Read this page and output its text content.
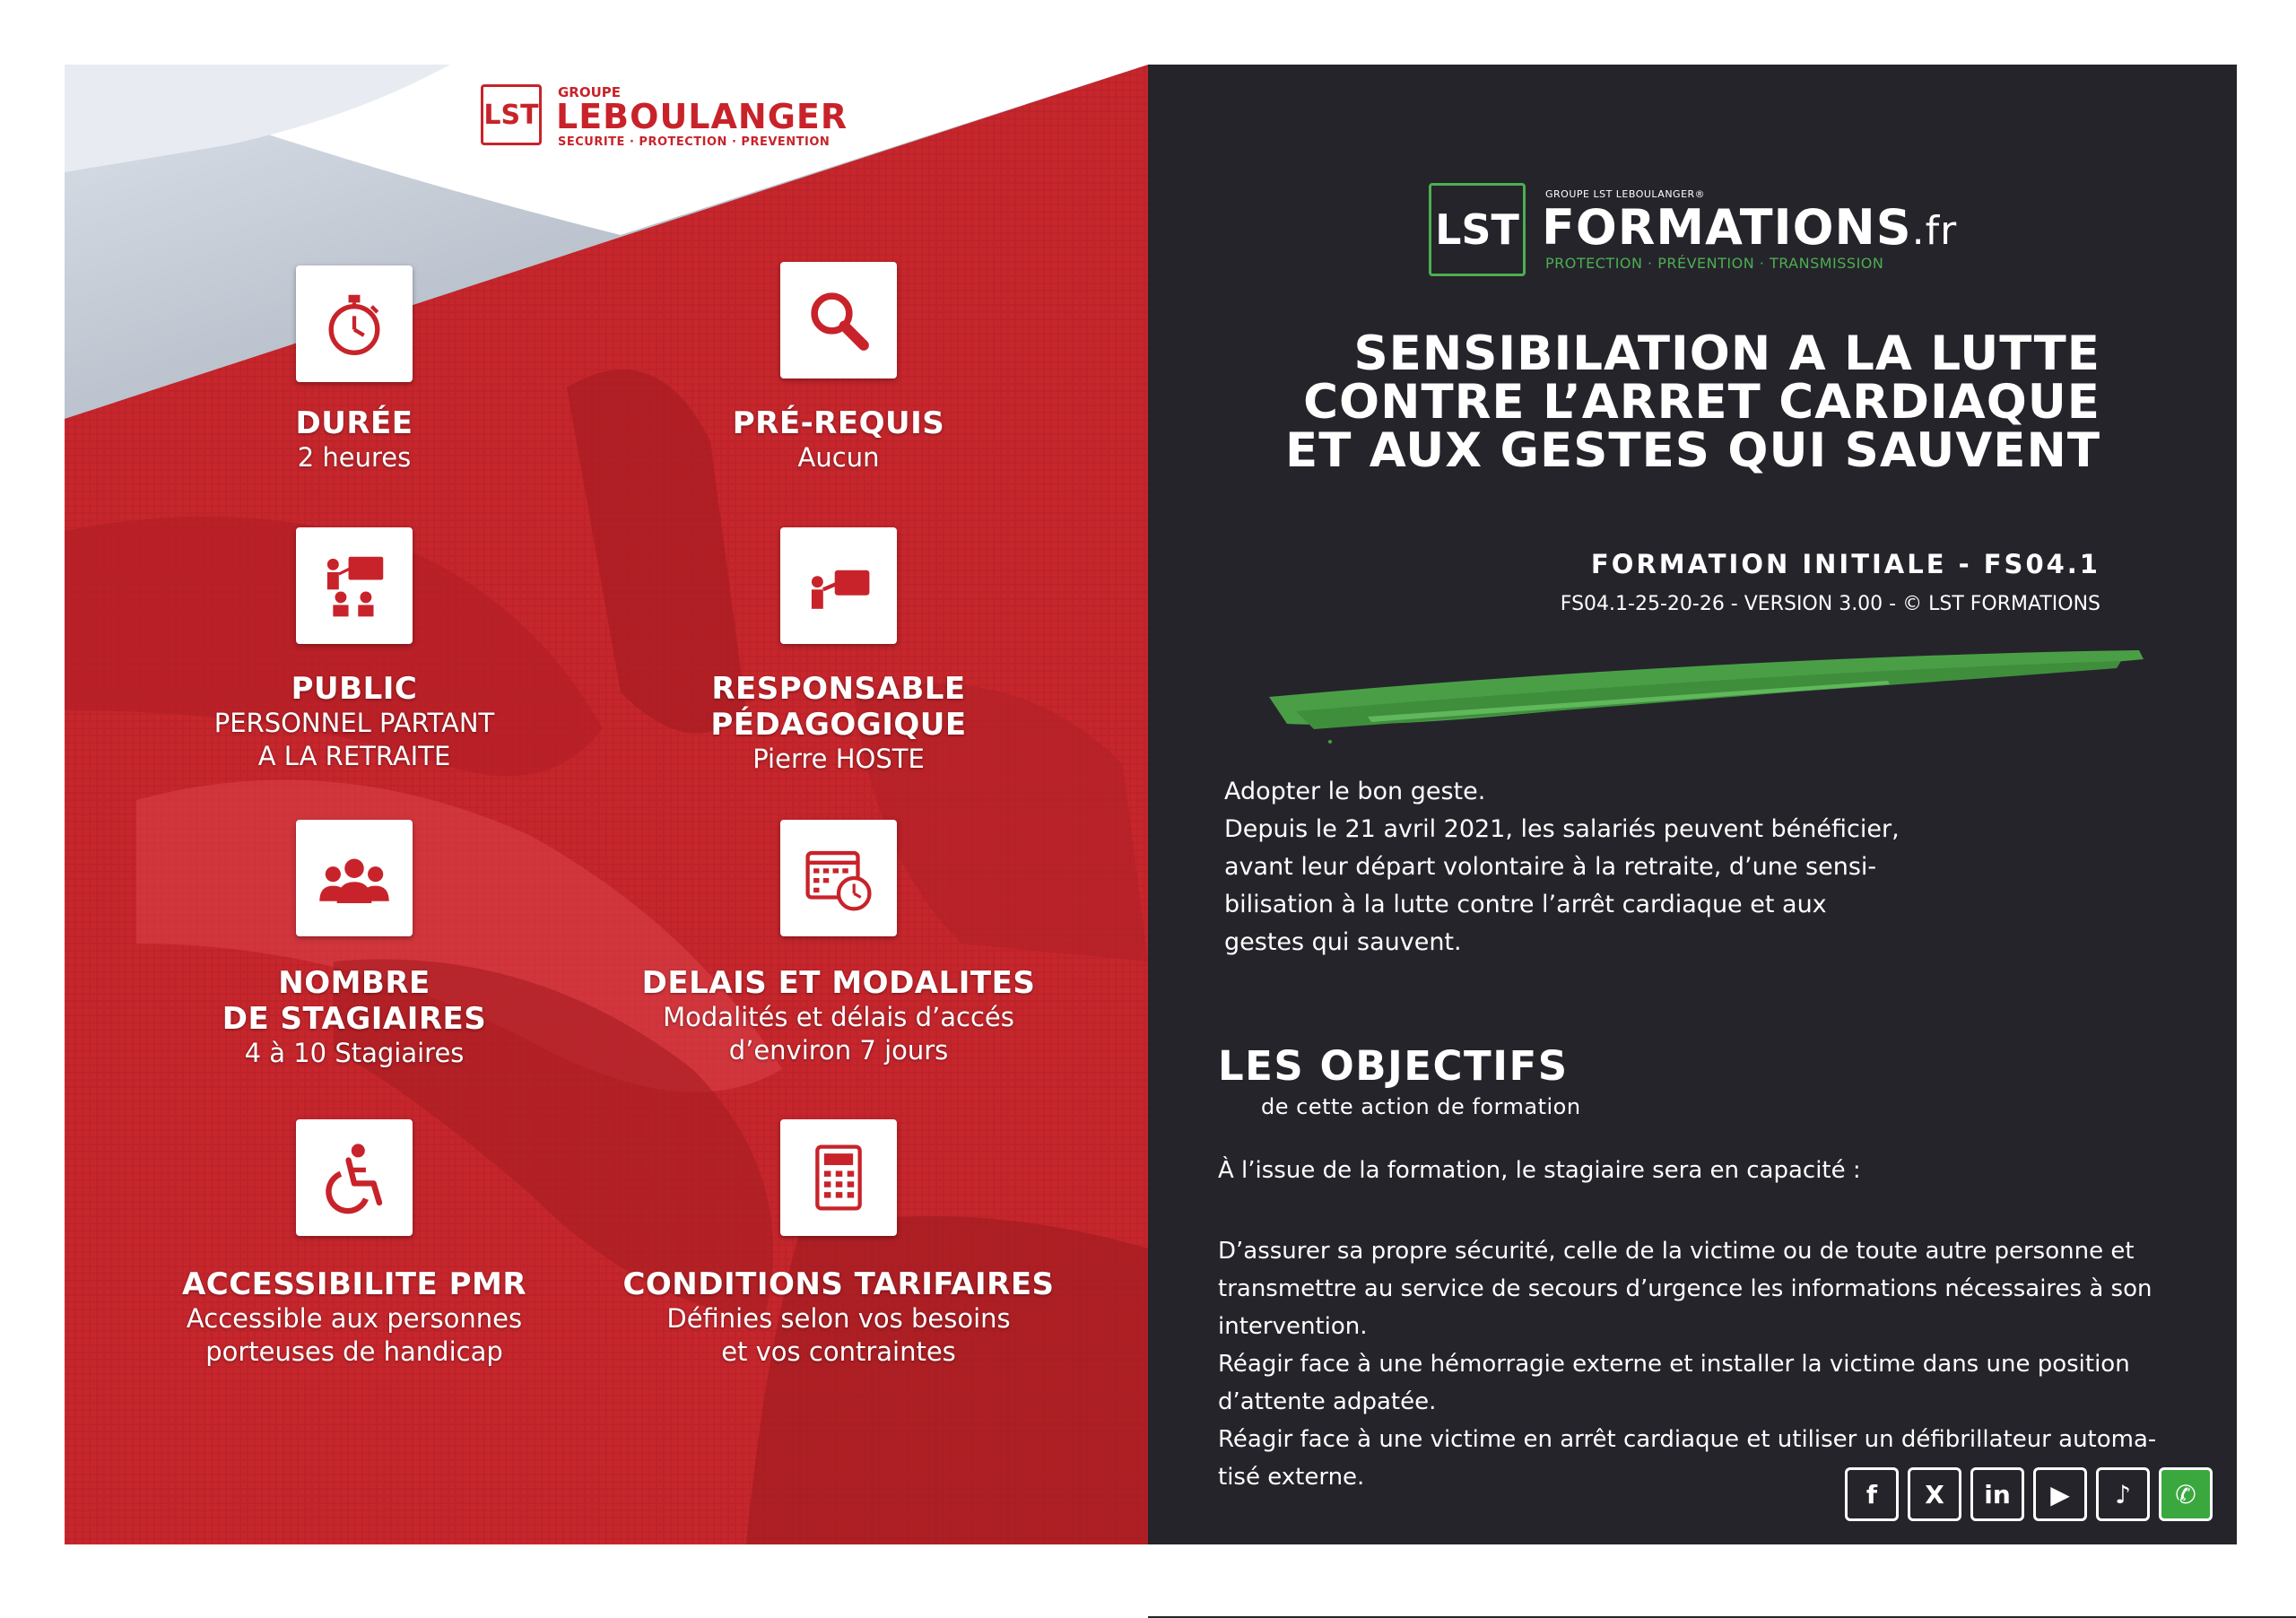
LST
GROUPE
LEBOULANGER
SECURITE · PROTECTION · PREVENTION
DURÉE
2 heures
PRÉ-REQUIS
Aucun
PUBLIC
PERSONNEL PARTANT
A LA RETRAITE
RESPONSABLE
PÉDAGOGIQUE
Pierre HOSTE
NOMBRE
DE STAGIAIRES
4 à 10 Stagiaires
DELAIS ET MODALITES
Modalités et délais d’accés
d’environ 7 jours
ACCESSIBILITE PMR
Accessible aux personnes
porteuses de handicap
CONDITIONS TARIFAIRES
Définies selon vos besoins
et vos contraintes
LST
GROUPE LST LEBOULANGER®
FORMATIONS.fr
PROTECTION · PRÉVENTION · TRANSMISSION
SENSIBILATION A LA LUTTE
CONTRE L’ARRET CARDIAQUE
ET AUX GESTES QUI SAUVENT
FORMATION INITIALE - FS04.1
FS04.1-25-20-26 - VERSION 3.00 - © LST FORMATIONS

Adopter le bon geste.

Depuis le 21 avril 2021, les salariés peuvent bénéficier,

avant leur départ volontaire à la retraite, d’une sensi-

bilisation à la lutte contre l’arrêt cardiaque et aux

gestes qui sauvent.

LES OBJECTIFS
de cette action de formation
À l’issue de la formation, le stagiaire sera en capacité :

D’assurer sa propre sécurité, celle de la victime ou de toute autre personne et

transmettre au service de secours d’urgence les informations nécessaires à son

intervention.

Réagir face à une hémorragie externe et installer la victime dans une position

d’attente adpatée.

Réagir face à une victime en arrêt cardiaque et utiliser un défibrillateur automa-

tisé externe.

f X in ▶ ♪ ✆
